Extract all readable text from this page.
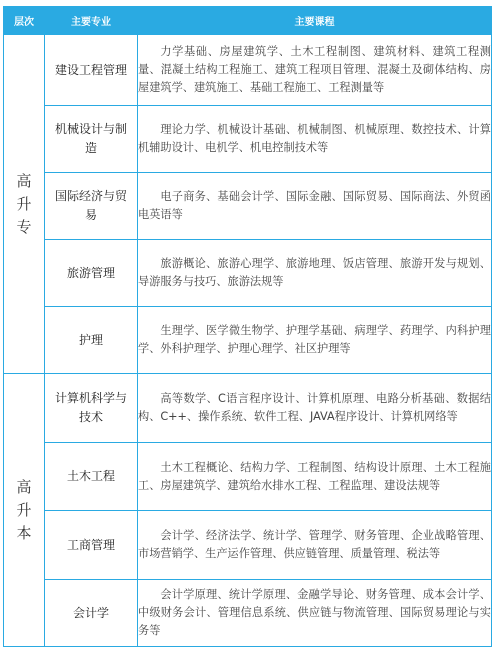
层次	主要专业	主要课程
高升专	建设工程管理	力学基础、房屋建筑学、土木工程制图、建筑材料、建筑工程测量、混凝土结构工程施工、建筑工程项目管理、混凝土及砌体结构、房屋建筑学、建筑施工、基础工程施工、工程测量等
	机械设计与制造	理论力学、机械设计基础、机械制图、机械原理、数控技术、计算机辅助设计、电机学、机电控制技术等
	国际经济与贸易	电子商务、基础会计学、国际金融、国际贸易、国际商法、外贸函电英语等
	旅游管理	旅游概论、旅游心理学、旅游地理、饭店管理、旅游开发与规划、导游服务与技巧、旅游法规等
	护理	生理学、医学微生物学、护理学基础、病理学、药理学、内科护理学、外科护理学、护理心理学、社区护理等
高升本	计算机科学与技术	高等数学、C语言程序设计、计算机原理、电路分析基础、数据结构、C++、操作系统、软件工程、JAVA程序设计、计算机网络等
	土木工程	土木工程概论、结构力学、工程制图、结构设计原理、土木工程施工、房屋建筑学、建筑给水排水工程、工程监理、建设法规等
	工商管理	会计学、经济法学、统计学、管理学、财务管理、企业战略管理、市场营销学、生产运作管理、供应链管理、质量管理、税法等
	会计学	会计学原理、统计学原理、金融学导论、财务管理、成本会计学、中级财务会计、管理信息系统、供应链与物流管理、国际贸易理论与实务等
